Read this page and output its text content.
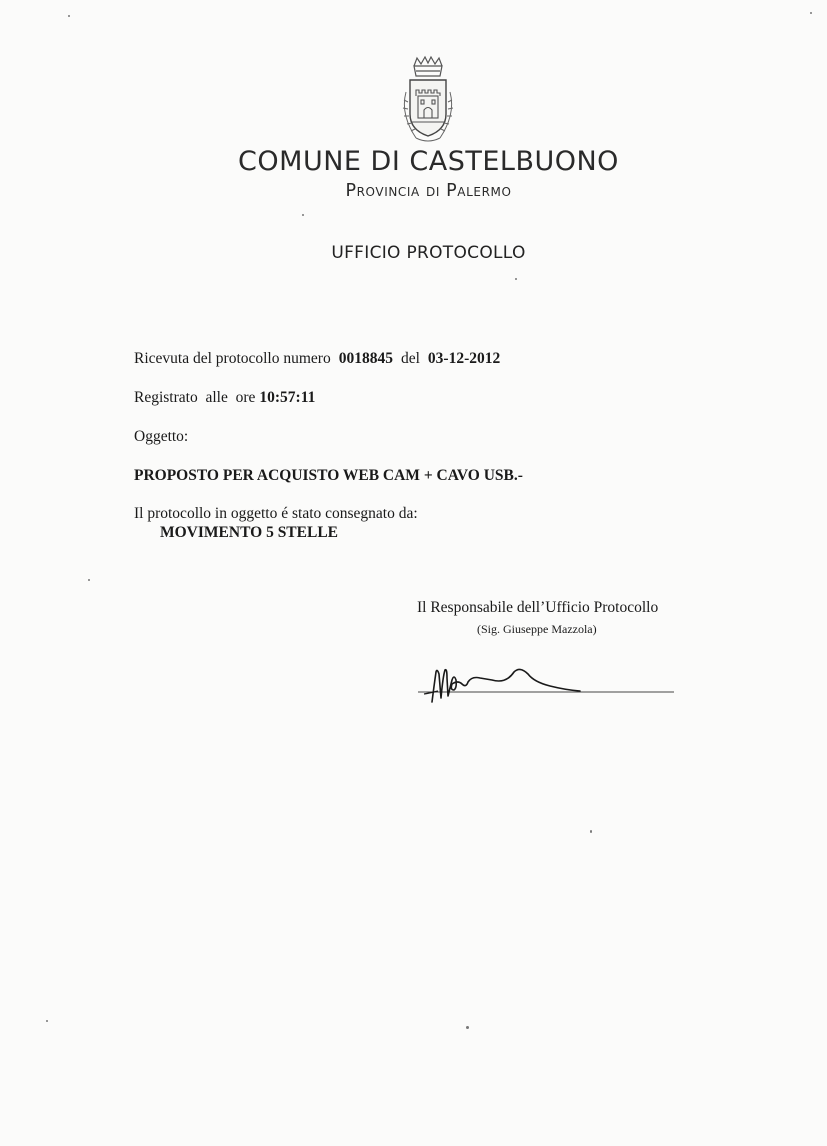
COMUNE DI CASTELBUONO
Provincia di Palermo
UFFICIO PROTOCOLLO
Ricevuta del protocollo numero 0018845 del 03-12-2012
Registrato  alle  ore 10:57:11
Oggetto:
PROPOSTO PER ACQUISTO WEB CAM + CAVO USB.-
Il protocollo in oggetto é stato consegnato da:
MOVIMENTO 5 STELLE
Il Responsabile dell’Ufficio Protocollo
(Sig. Giuseppe Mazzola)
